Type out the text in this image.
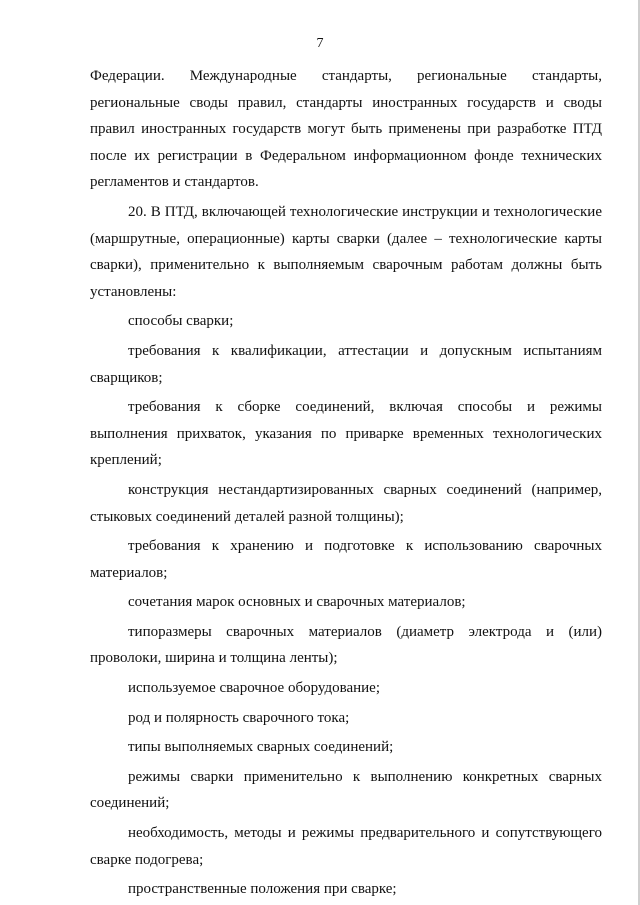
7

Федерации. Международные стандарты, региональные стандарты, региональные своды правил, стандарты иностранных государств и своды правил иностранных государств могут быть применены при разработке ПТД после их регистрации в Федеральном информационном фонде технических регламентов и стандартов.

20. В ПТД, включающей технологические инструкции и технологические (маршрутные, операционные) карты сварки (далее – технологические карты сварки), применительно к выполняемым сварочным работам должны быть установлены:

способы сварки;

требования к квалификации, аттестации и допускным испытаниям сварщиков;

требования к сборке соединений, включая способы и режимы выполнения прихваток, указания по приварке временных технологических креплений;

конструкция нестандартизированных сварных соединений (например, стыковых соединений деталей разной толщины);

требования к хранению и подготовке к использованию сварочных материалов;

сочетания марок основных и сварочных материалов;

типоразмеры сварочных материалов (диаметр электрода и (или) проволоки, ширина и толщина ленты);

используемое сварочное оборудование;

род и полярность сварочного тока;

типы выполняемых сварных соединений;

режимы сварки применительно к выполнению конкретных сварных соединений;

необходимость, методы и режимы предварительного и сопутствующего сварке подогрева;

пространственные положения при сварке;
